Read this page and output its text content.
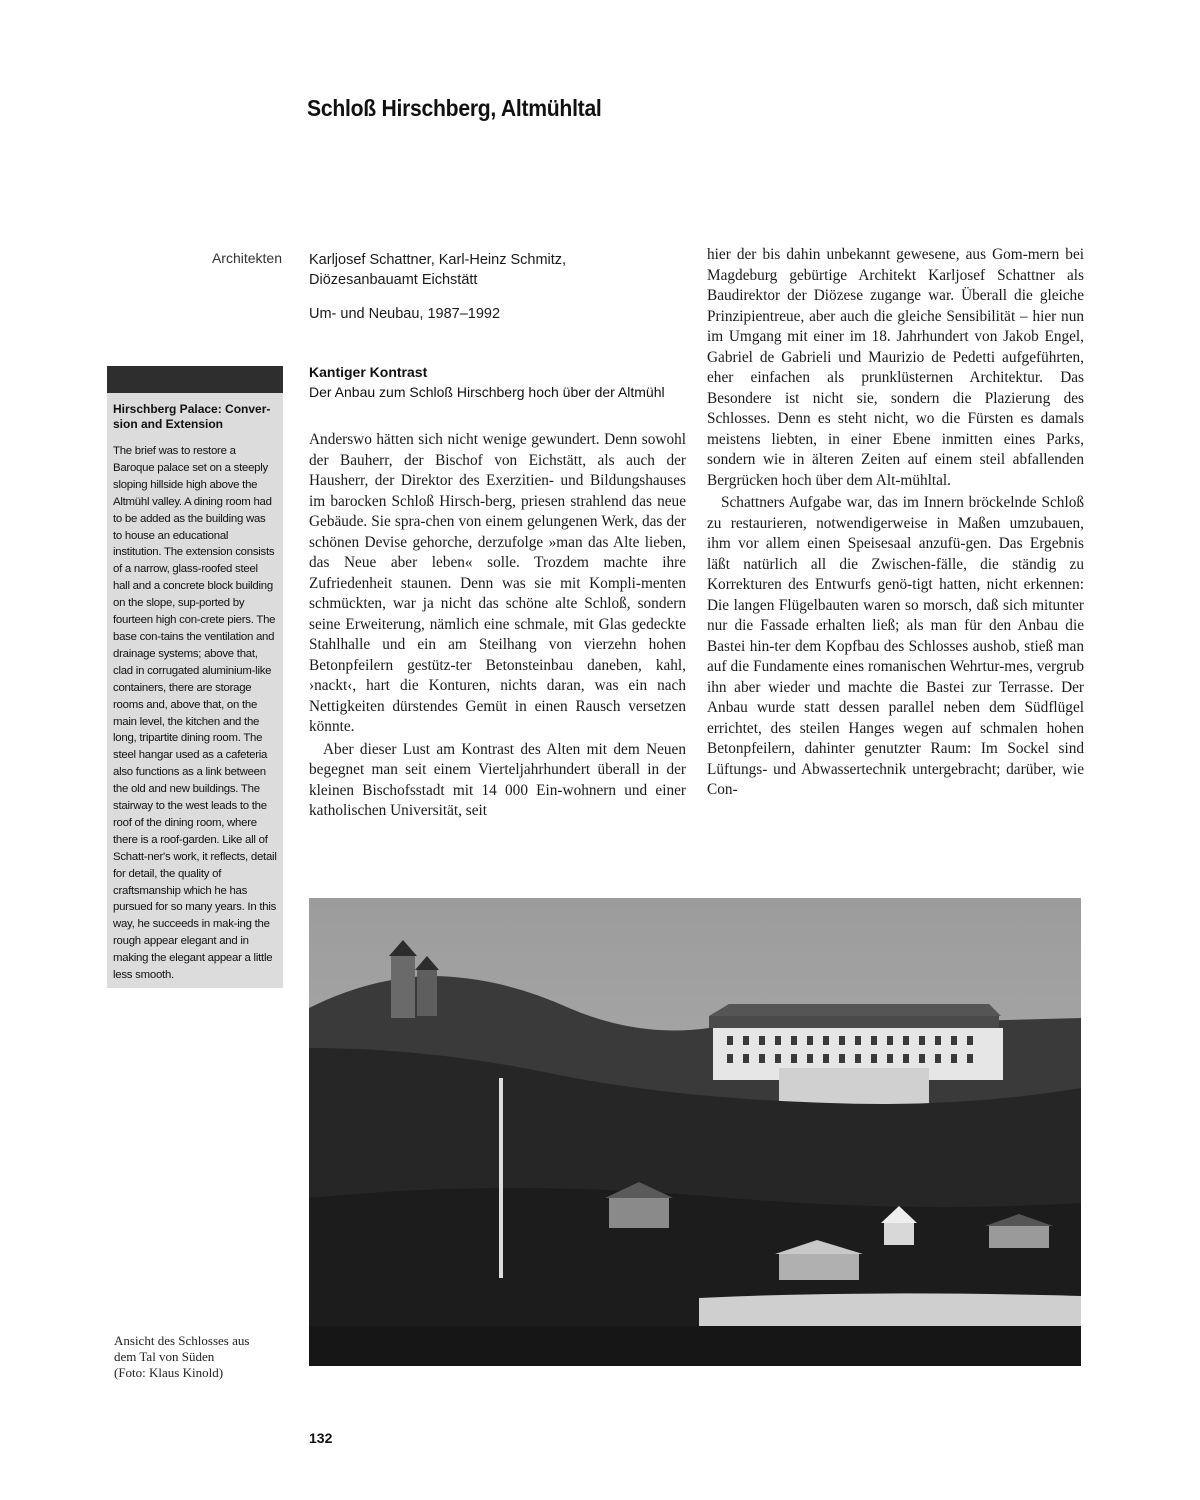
Schloß Hirschberg, Altmühltal
Architekten Karljosef Schattner, Karl-Heinz Schmitz,

Diözesanbauamt Eichstätt

Um- und Neubau, 1987–1992

Hirschberg Palace: Conver-sion and Extension

The brief was to restore a Baroque palace set on a steeply sloping hillside high above the Altmühl valley. A dining room had to be added as the building was to house an educational institution. The extension consists of a narrow, glass-roofed steel hall and a concrete block building on the slope, sup-ported by fourteen high con-crete piers. The base con-tains the ventilation and drainage systems; above that, clad in corrugated aluminium-like containers, there are storage rooms and, above that, on the main level, the kitchen and the long, tripartite dining room. The steel hangar used as a cafeteria also functions as a link between the old and new buildings. The stairway to the west leads to the roof of the dining room, where there is a roof-garden. Like all of Schatt-ner's work, it reflects, detail for detail, the quality of craftsmanship which he has pursued for so many years. In this way, he succeeds in mak-ing the rough appear elegant and in making the elegant appear a little less smooth.

Kantiger Kontrast

Der Anbau zum Schloß Hirschberg hoch über der Altmühl

Anderswo hätten sich nicht wenige gewundert. Denn sowohl der Bauherr, der Bischof von Eichstätt, als auch der Hausherr, der Direktor des Exerzitien- und Bildungshauses im barocken Schloß Hirsch-berg, priesen strahlend das neue Gebäude. Sie spra-chen von einem gelungenen Werk, das der schönen Devise gehorche, derzufolge »man das Alte lieben, das Neue aber leben« solle. Trozdem machte ihre Zufriedenheit staunen. Denn was sie mit Kompli-menten schmückten, war ja nicht das schöne alte Schloß, sondern seine Erweiterung, nämlich eine schmale, mit Glas gedeckte Stahlhalle und ein am Steilhang von vierzehn hohen Betonpfeilern gestütz-ter Betonsteinbau daneben, kahl, ›nackt‹, hart die Konturen, nichts daran, was ein nach Nettigkeiten dürstendes Gemüt in einen Rausch versetzen könnte.

Aber dieser Lust am Kontrast des Alten mit dem Neuen begegnet man seit einem Vierteljahrhundert überall in der kleinen Bischofsstadt mit 14 000 Ein-wohnern und einer katholischen Universität, seit

hier der bis dahin unbekannt gewesene, aus Gom-mern bei Magdeburg gebürtige Architekt Karljosef Schattner als Baudirektor der Diözese zugange war. Überall die gleiche Prinzipientreue, aber auch die gleiche Sensibilität – hier nun im Umgang mit einer im 18. Jahrhundert von Jakob Engel, Gabriel de Gabrieli und Maurizio de Pedetti aufgeführten, eher einfachen als prunklüsternen Architektur. Das Besondere ist nicht sie, sondern die Plazierung des Schlosses. Denn es steht nicht, wo die Fürsten es damals meistens liebten, in einer Ebene inmitten eines Parks, sondern wie in älteren Zeiten auf einem steil abfallenden Bergrücken hoch über dem Alt-mühltal.

Schattners Aufgabe war, das im Innern bröckelnde Schloß zu restaurieren, notwendigerweise in Maßen umzubauen, ihm vor allem einen Speisesaal anzufü-gen. Das Ergebnis läßt natürlich all die Zwischen-fälle, die ständig zu Korrekturen des Entwurfs genö-tigt hatten, nicht erkennen: Die langen Flügelbauten waren so morsch, daß sich mitunter nur die Fassade erhalten ließ; als man für den Anbau die Bastei hin-ter dem Kopfbau des Schlosses aushob, stieß man auf die Fundamente eines romanischen Wehrtur-mes, vergrub ihn aber wieder und machte die Bastei zur Terrasse. Der Anbau wurde statt dessen parallel neben dem Südflügel errichtet, des steilen Hanges wegen auf schmalen hohen Betonpfeilern, dahinter genutzter Raum: Im Sockel sind Lüftungs- und Abwassertechnik untergebracht; darüber, wie Con-

Ansicht des Schlosses aus

dem Tal von Süden

(Foto: Klaus Kinold)

132
